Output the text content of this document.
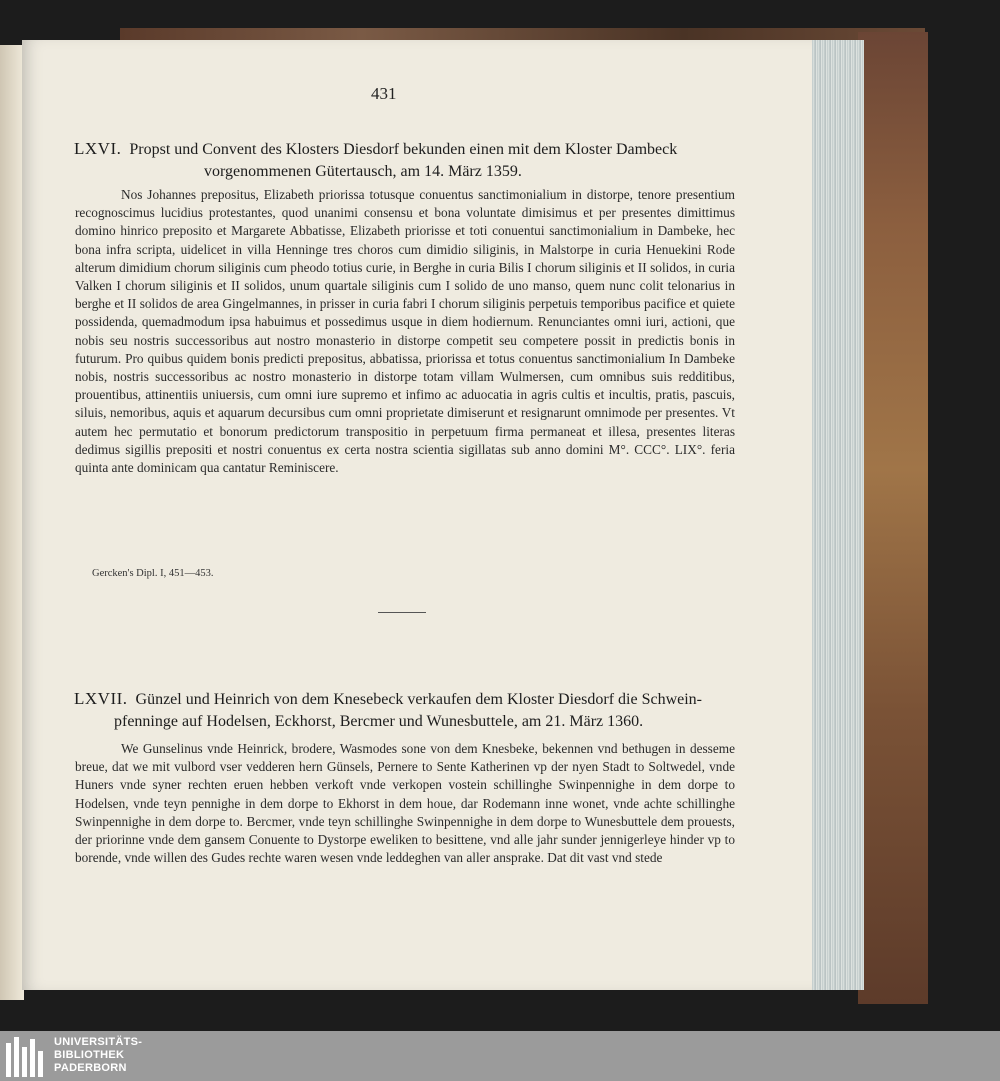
431
LXVI. Propst und Convent des Klosters Diesdorf bekunden einen mit dem Kloster Dambeck
vorgenommenen Gütertausch, am 14. März 1359.
Nos Johannes prepositus, Elizabeth priorissa totusque conuentus sanctimonialium in distorpe, tenore presentium recognoscimus lucidius protestantes, quod unanimi consensu et bona voluntate dimisimus et per presentes dimittimus domino hinrico preposito et Margarete Abbatisse, Elizabeth priorisse et toti conuentui sanctimonialium in Dambeke, hec bona infra scripta, uidelicet in villa Henninge tres choros cum dimidio siliginis, in Malstorpe in curia Henuekini Rode alterum dimidium chorum siliginis cum pheodo totius curie, in Berghe in curia Bilis I chorum siliginis et II solidos, in curia Valken I chorum siliginis et II solidos, unum quartale siliginis cum I solido de uno manso, quem nunc colit telonarius in berghe et II solidos de area Gingelmannes, in prisser in curia fabri I chorum siliginis perpetuis temporibus pacifice et quiete possidenda, quemadmodum ipsa habuimus et possedimus usque in diem hodiernum. Renunciantes omni iuri, actioni, que nobis seu nostris successoribus aut nostro monasterio in distorpe competit seu competere possit in predictis bonis in futurum. Pro quibus quidem bonis predicti prepositus, abbatissa, priorissa et totus conuentus sanctimonialium In Dambeke nobis, nostris successoribus ac nostro monasterio in distorpe totam villam Wulmersen, cum omnibus suis redditibus, prouentibus, attinentiis uniuersis, cum omni iure supremo et infimo ac aduocatia in agris cultis et incultis, pratis, pascuis, siluis, nemoribus, aquis et aquarum decursibus cum omni proprietate dimiserunt et resignarunt omnimode per presentes. Vt autem hec permutatio et bonorum predictorum transpositio in perpetuum firma permaneat et illesa, presentes literas dedimus sigillis prepositi et nostri conuentus ex certa nostra scientia sigillatas sub anno domini M°. CCC°. LIX°. feria quinta ante dominicam qua cantatur Reminiscere.
Gercken's Dipl. I, 451—453.
LXVII. Günzel und Heinrich von dem Knesebeck verkaufen dem Kloster Diesdorf die Schwein-
pfenninge auf Hodelsen, Eckhorst, Bercmer und Wunesbuttele, am 21. März 1360.
We Gunselinus vnde Heinrick, brodere, Wasmodes sone von dem Knesbeke, bekennen vnd bethugen in desseme breue, dat we mit vulbord vser vedderen hern Günsels, Pernere to Sente Katherinen vp der nyen Stadt to Soltwedel, vnde Huners vnde syner rechten eruen hebben verkoft vnde verkopen vostein schillinghe Swinpennighe in dem dorpe to Hodelsen, vnde teyn pennighe in dem dorpe to Ekhorst in dem houe, dar Rodemann inne wonet, vnde achte schillinghe Swinpennighe in dem dorpe to. Bercmer, vnde teyn schillinghe Swinpennighe in dem dorpe to Wunesbuttele dem prouests, der priorinne vnde dem gansem Conuente to Dystorpe eweliken to besittene, vnd alle jahr sunder jennigerleye hinder vp to borende, vnde willen des Gudes rechte waren wesen vnde leddeghen van aller ansprake. Dat dit vast vnd stede
UNIVERSITÄTS-
BIBLIOTHEK
PADERBORN
